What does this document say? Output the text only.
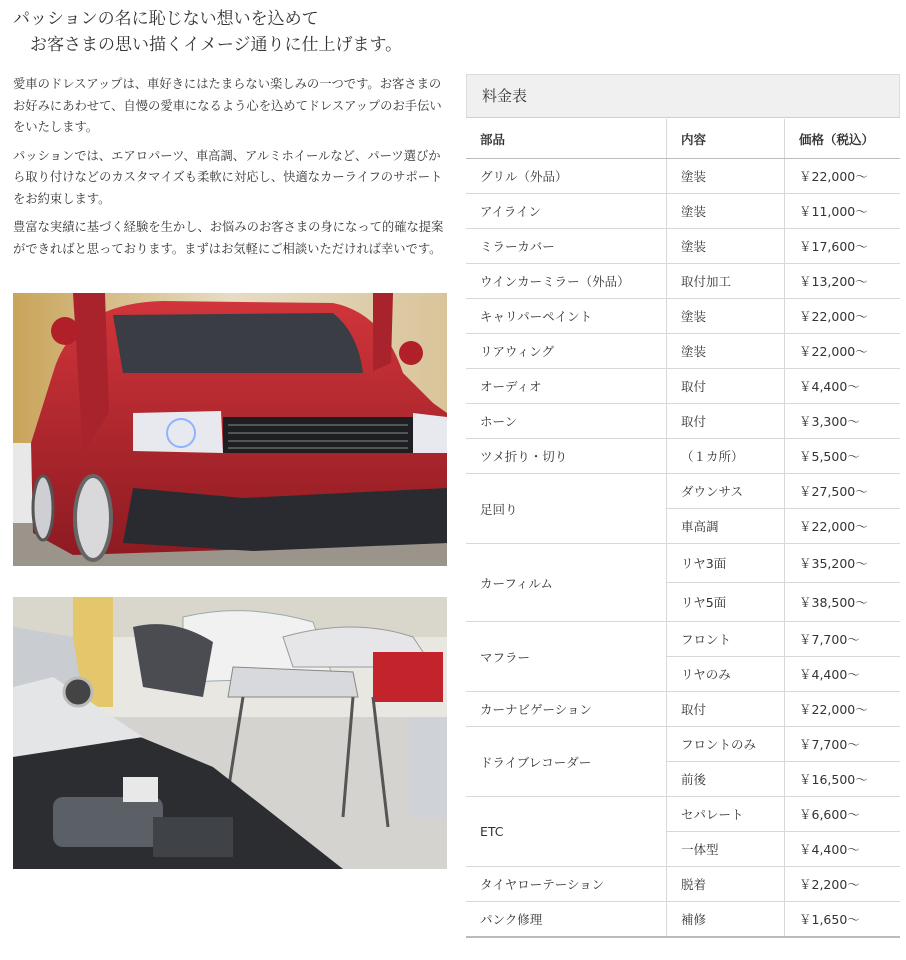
パッションの名に恥じない想いを込めて
お客さまの思い描くイメージ通りに仕上げます。

愛車のドレスアップは、車好きにはたまらない楽しみの一つです。お客さまのお好みにあわせて、自慢の愛車になるよう心を込めてドレスアップのお手伝いをいたします。

パッションでは、エアロパーツ、車高調、アルミホイールなど、パーツ選びから取り付けなどのカスタマイズも柔軟に対応し、快適なカーライフのサポートをお約束します。

豊富な実績に基づく経験を生かし、お悩みのお客さまの身になって的確な提案ができればと思っております。まずはお気軽にご相談いただければ幸いです。

料金表
部品	内容	価格（税込）
グリル（外品）	塗装	￥22,000〜
アイライン	塗装	￥11,000〜
ミラーカバー	塗装	￥17,600〜
ウインカーミラー（外品）	取付加工	￥13,200〜
キャリパーペイント	塗装	￥22,000〜
リアウィング	塗装	￥22,000〜
オーディオ	取付	￥4,400〜
ホーン	取付	￥3,300〜
ツメ折り・切り	（１カ所）	￥5,500〜
足回り	ダウンサス	￥27,500〜
	車高調	￥22,000〜
カーフィルム	リヤ3面	￥35,200〜
	リヤ5面	￥38,500〜
マフラー	フロント	￥7,700〜
	リヤのみ	￥4,400〜
カーナビゲーション	取付	￥22,000〜
ドライブレコーダー	フロントのみ	￥7,700〜
	前後	￥16,500〜
ETC	セパレート	￥6,600〜
	一体型	￥4,400〜
タイヤローテーション	脱着	￥2,200〜
パンク修理	補修	￥1,650〜
